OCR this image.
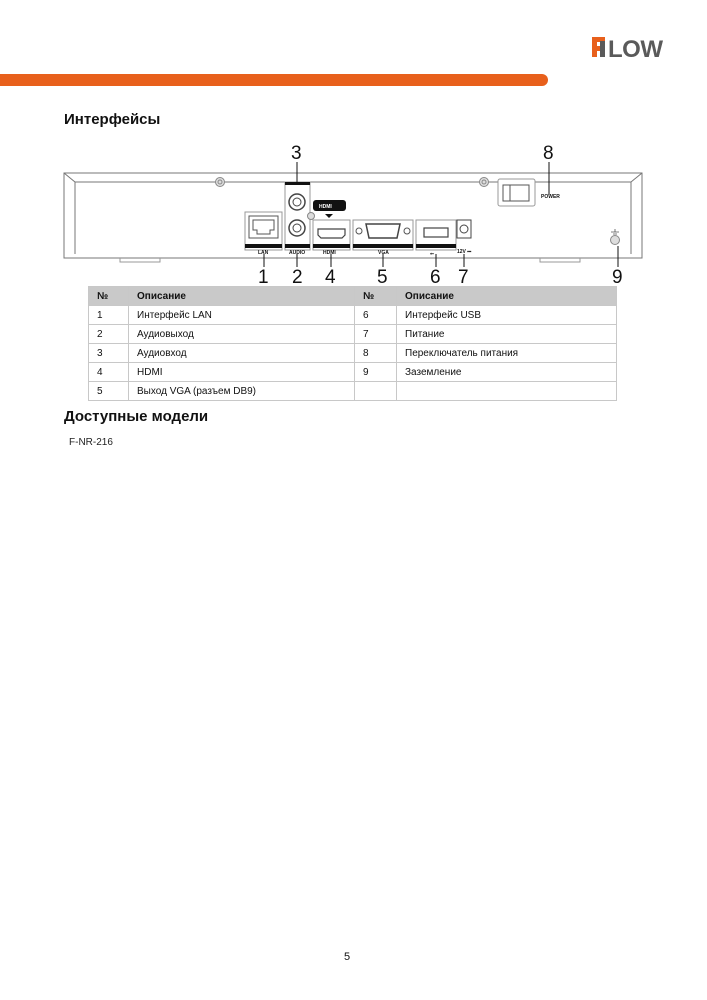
LOW
Интерфейсы
LAN	AUDIO
HDMI
HDMI	VGA	⭠	12V ⎓
POWER
3	8
1 2 4 5 6 7	9
№	Описание	№	Описание
1	Интерфейс LAN	6	Интерфейс USB
2	Аудиовыход	7	Питание
3	Аудиовход	8	Переключатель питания
4	HDMI	9	Заземление
5	Выход VGA (разъем DB9)		
Доступные модели
F-NR-216
5
